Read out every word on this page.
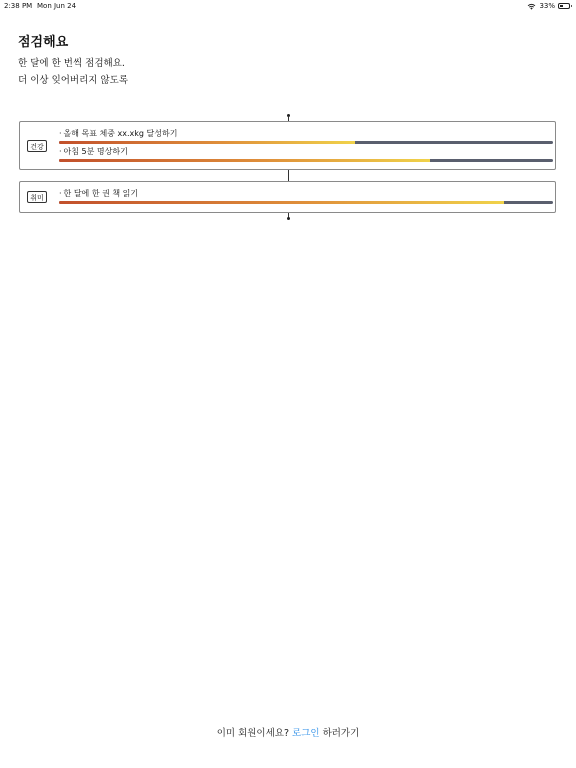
2:38 PM Mon Jun 24	33%
점검해요
한 달에 한 번씩 점검해요.
더 이상 잊어버리지 않도록
건강
· 올해 목표 체중 xx.xkg 달성하기
· 아침 5분 명상하기
취미	· 한 달에 한 권 책 읽기
이미 회원이세요? 로그인 하러가기
